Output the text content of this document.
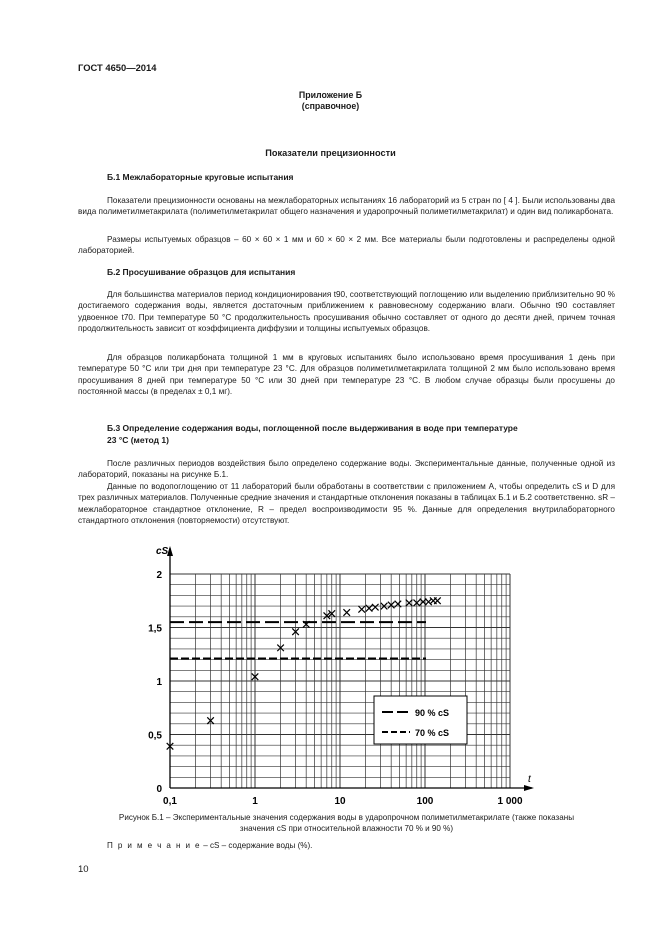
ГОСТ 4650—2014
Приложение Б
(справочное)
Показатели прецизионности
Б.1 Межлабораторные круговые испытания
Показатели прецизионности основаны на межлабораторных испытаниях 16 лабораторий из 5 стран по [ 4 ]. Были использованы два вида полиметилметакрилата (полиметилметакрилат общего назначения и ударопрочный полиметилметакрилат) и один вид поликарбоната.
Размеры испытуемых образцов – 60 × 60 × 1 мм и 60 × 60 × 2 мм. Все материалы были подготовлены и распределены одной лабораторией.
Б.2 Просушивание образцов для испытания
Для большинства материалов период кондиционирования t90, соответствующий поглощению или выделению приблизительно 90 % достигаемого содержания воды, является достаточным приближением к равновесному содержанию влаги. Обычно t90 составляет удвоенное t70. При температуре 50 °С продолжительность просушивания обычно составляет от одного до десяти дней, причем точная продолжительность зависит от коэффициента диффузии и толщины испытуемых образцов.
Для образцов поликарбоната толщиной 1 мм в круговых испытаниях было использовано время просушивания 1 день при температуре 50 °С или три дня при температуре 23 °С. Для образцов полиметилметакрилата толщиной 2 мм было использовано время просушивания 8 дней при температуре 50 °С или 30 дней при температуре 23 °С. В любом случае образцы были просушены до постоянной массы (в пределах ± 0,1 мг).
Б.3 Определение содержания воды, поглощенной после выдерживания в воде при температуре
23 °С (метод 1)
После различных периодов воздействия было определено содержание воды. Экспериментальные данные, полученные одной из лабораторий, показаны на рисунке Б.1.
Данные по водопоглощению от 11 лабораторий были обработаны в соответствии с приложением А, чтобы определить cS и D для трех различных материалов. Полученные средние значения и стандартные отклонения показаны в таблицах Б.1 и Б.2 соответственно. sR – межлабораторное стандартное отклонение, R – предел воспроизводимости 95 %. Данные для определения внутрилабораторного стандартного отклонения (повторяемости) отсутствуют.
cS
t
0
0,5
1
1,5
2
0,1	1	10	100	1 000
90 % cS
70 % cS
Рисунок Б.1 – Экспериментальные значения содержания воды в ударопрочном полиметилметакрилате (также показаны
значения cS при относительной влажности 70 % и 90 %)
П р и м е ч а н и е – cS – содержание воды (%).
10
